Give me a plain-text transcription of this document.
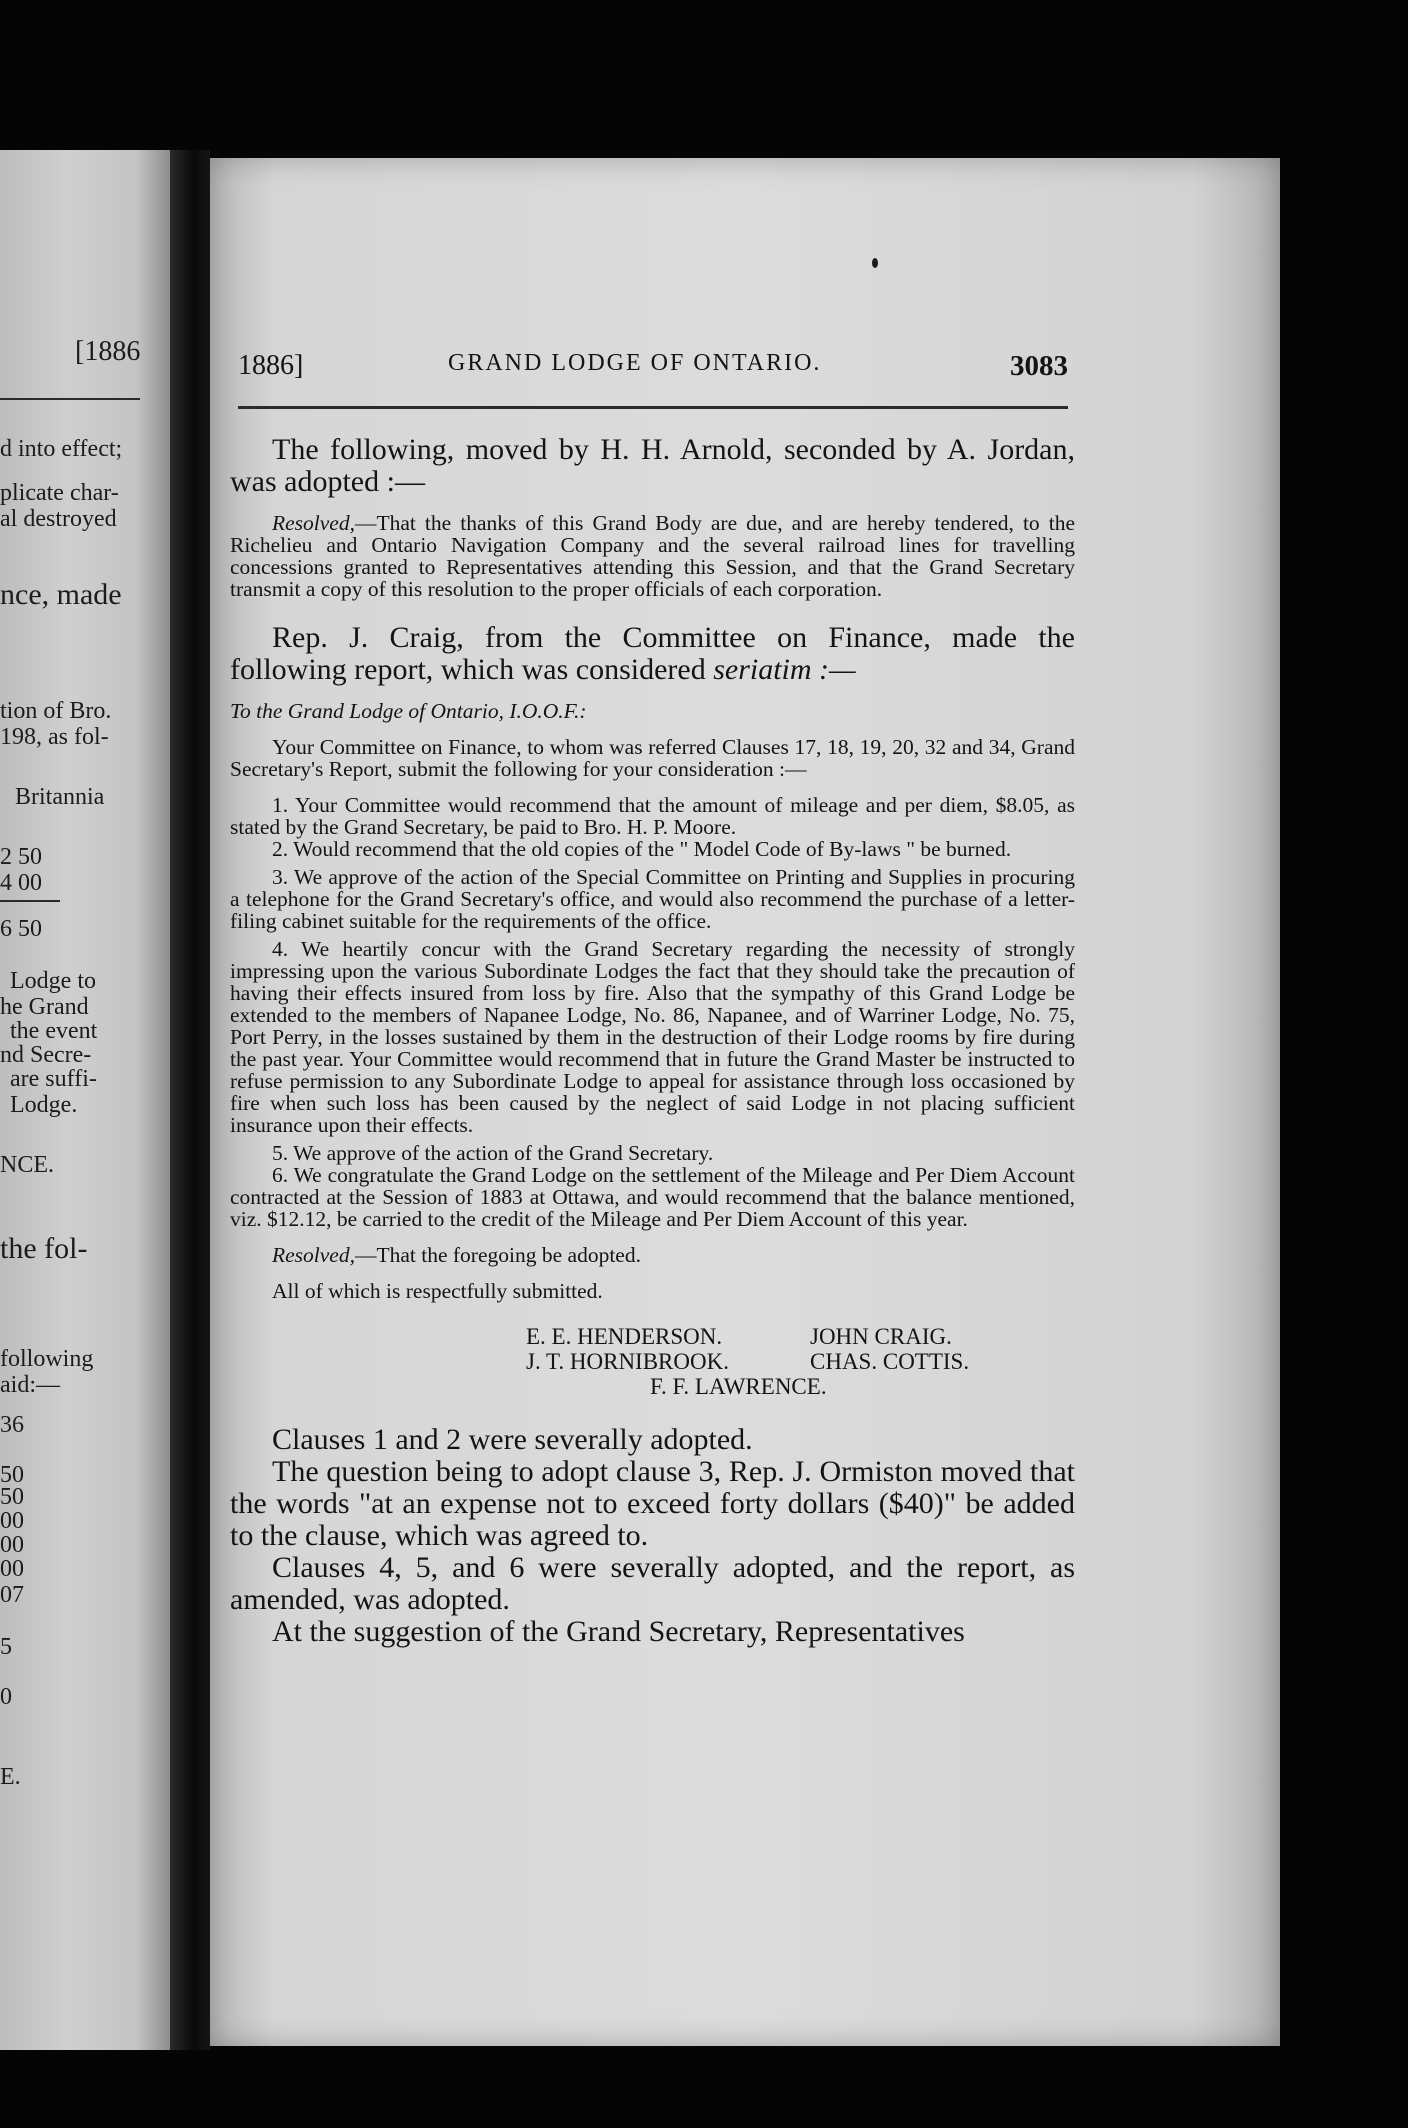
[1886
d into effect;
plicate char-
al destroyed
nce, made
tion of Bro.
198, as fol-
Britannia
2 50
4 00
6 50
Lodge to
he Grand
the event
nd Secre-
are suffi-
Lodge.
NCE.
the fol-
following
aid:—
36
50
50
00
00
00
07
5
0
E.
1886]	GRAND LODGE OF ONTARIO.	3083

The following, moved by H. H. Arnold, seconded by A. Jordan, was adopted :—

Resolved,—That the thanks of this Grand Body are due, and are hereby tendered, to the Richelieu and Ontario Navigation Company and the several railroad lines for travelling concessions granted to Representatives attending this Session, and that the Grand Secretary transmit a copy of this resolution to the proper officials of each corporation.

Rep. J. Craig, from the Committee on Finance, made the following report, which was considered seriatim :—

To the Grand Lodge of Ontario, I.O.O.F.:

Your Committee on Finance, to whom was referred Clauses 17, 18, 19, 20, 32 and 34, Grand Secretary's Report, submit the following for your consideration :—

1. Your Committee would recommend that the amount of mileage and per diem, $8.05, as stated by the Grand Secretary, be paid to Bro. H. P. Moore.

2. Would recommend that the old copies of the " Model Code of By-laws " be burned.

3. We approve of the action of the Special Committee on Printing and Supplies in procuring a telephone for the Grand Secretary's office, and would also recommend the purchase of a letter-filing cabinet suitable for the requirements of the office.

4. We heartily concur with the Grand Secretary regarding the necessity of strongly impressing upon the various Subordinate Lodges the fact that they should take the precaution of having their effects insured from loss by fire. Also that the sympathy of this Grand Lodge be extended to the members of Napanee Lodge, No. 86, Napanee, and of Warriner Lodge, No. 75, Port Perry, in the losses sustained by them in the destruction of their Lodge rooms by fire during the past year. Your Committee would recommend that in future the Grand Master be instructed to refuse permission to any Subordinate Lodge to appeal for assistance through loss occasioned by fire when such loss has been caused by the neglect of said Lodge in not placing sufficient insurance upon their effects.

5. We approve of the action of the Grand Secretary.

6. We congratulate the Grand Lodge on the settlement of the Mileage and Per Diem Account contracted at the Session of 1883 at Ottawa, and would recommend that the balance mentioned, viz. $12.12, be carried to the credit of the Mileage and Per Diem Account of this year.

Resolved,—That the foregoing be adopted.

All of which is respectfully submitted.

E. E. HENDERSON.	JOHN CRAIG.
J. T. HORNIBROOK.	CHAS. COTTIS.
F. F. LAWRENCE.

Clauses 1 and 2 were severally adopted.

The question being to adopt clause 3, Rep. J. Ormiston moved that the words "at an expense not to exceed forty dollars ($40)" be added to the clause, which was agreed to.

Clauses 4, 5, and 6 were severally adopted, and the report, as amended, was adopted.

At the suggestion of the Grand Secretary, Representatives
